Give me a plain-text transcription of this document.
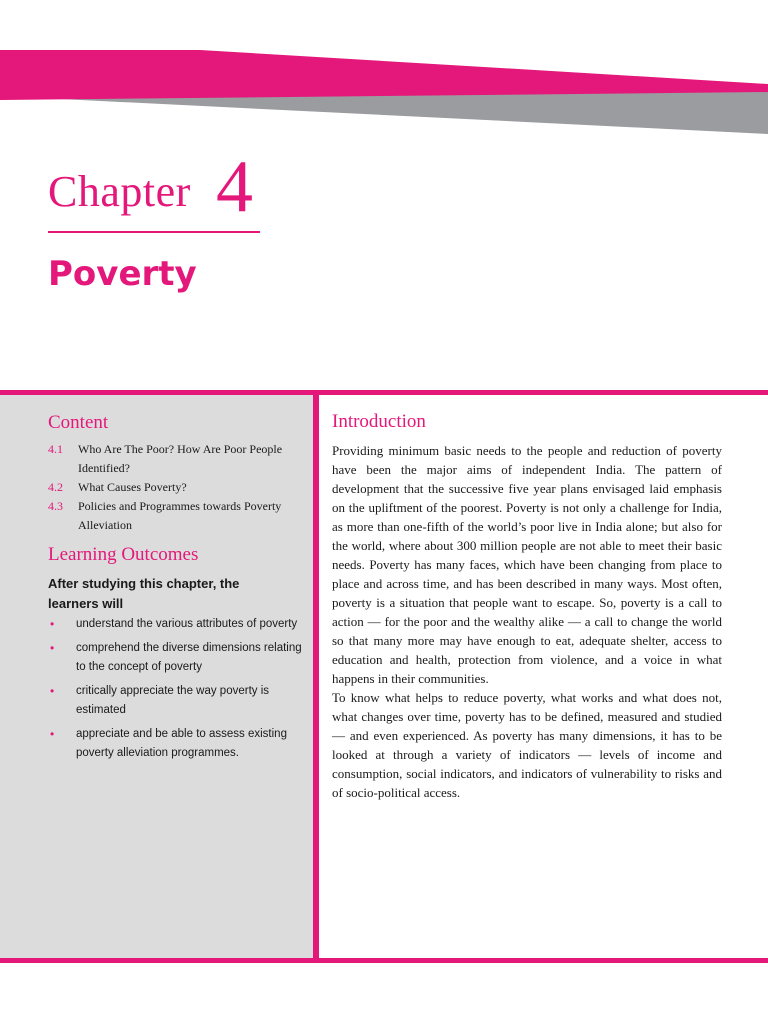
Chapter 4
Poverty
Content
4.1	Who Are The Poor? How Are Poor People Identified?
4.2	What Causes Poverty?
4.3	Policies and Programmes towards Poverty Alleviation
Learning Outcomes
After studying this chapter, the learners will
• understand the various attributes of poverty
• comprehend the diverse dimensions relating to the concept of poverty
• critically appreciate the way poverty is estimated
• appreciate and be able to assess existing poverty alleviation programmes.
Introduction

Providing minimum basic needs to the people and reduction of poverty have been the major aims of independent India. The pattern of development that the successive five year plans envisaged laid emphasis on the upliftment of the poorest. Poverty is not only a challenge for India, as more than one-fifth of the world’s poor live in India alone; but also for the world, where about 300 million people are not able to meet their basic needs. Poverty has many faces, which have been changing from place to place and across time, and has been described in many ways. Most often, poverty is a situation that people want to escape. So, poverty is a call to action — for the poor and the wealthy alike — a call to change the world so that many more may have enough to eat, adequate shelter, access to education and health, protection from violence, and a voice in what happens in their communities.

To know what helps to reduce poverty, what works and what does not, what changes over time, poverty has to be defined, measured and studied — and even experienced. As poverty has many dimensions, it has to be looked at through a variety of indicators — levels of income and consumption, social indicators, and indicators of vulnerability to risks and of socio-political access.
